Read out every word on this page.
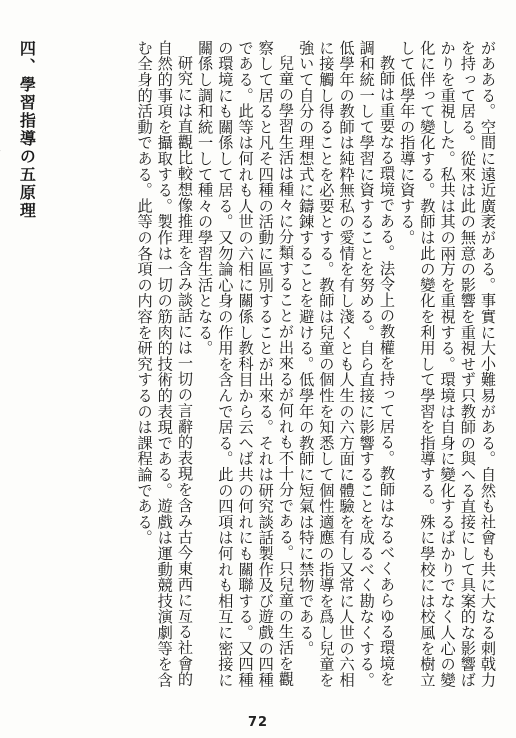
があある。空間に遠近廣袤がある。事實に大小難易がある。自然も社會も共に大なる刺戟力を持って居る。從來は此の無意の影響を重視せず只教師の與へる直接にして具案的な影響ばかりを重視した。私共は其の兩方を重視する。環境は自身に變化するばかりでなく人心の變化に伴って變化する。教師は此の變化を利用して學習を指導する。殊に學校には校風を樹立して低學年の指導に資する。

教師は重要なる環境である。法令上の教權を持って居る。教師はなるべくあらゆる環境を調和統一して學習に資することを努める。自ら直接に影響することを成るべく勘なくする。低學年の教師は純粋無私の愛情を有し淺くとも人生の六方面に體驗を有し又常に人世の六相に接觸し得ることを必要とする。教師は兒童の個性を知悉して個性適應の指導を爲し兒童を強いて自分の理想式に鑄錬することを避ける。低學年の教師に短氣は特に禁物である。

兒童の學習生活は種々に分類することが出來るが何れも不十分である。只兒童の生活を觀察して居ると凡そ四種の活動に區別することが出來る。それは研究談話製作及び遊戲の四種である。此等は何れも人世の六相に關係し教科目から云へば共の何れにも關聯する。又四種の環境にも關係して居る。又勿論心身の作用を含んで居る。此の四項は何れも相互に密接に關係し調和統一して種々の學習生活となる。

研究には直觀比較想像推理を含み談話には一切の言辭的表現を含み古今東西に亙る社會的自然的事項を攝取する。製作は一切の筋肉的技術的表現である。遊戲は運動競技演劇等を含む全身的活動である。此等の各項の内容を研究するのは課程論である。

四、學習指導の五原理

72
